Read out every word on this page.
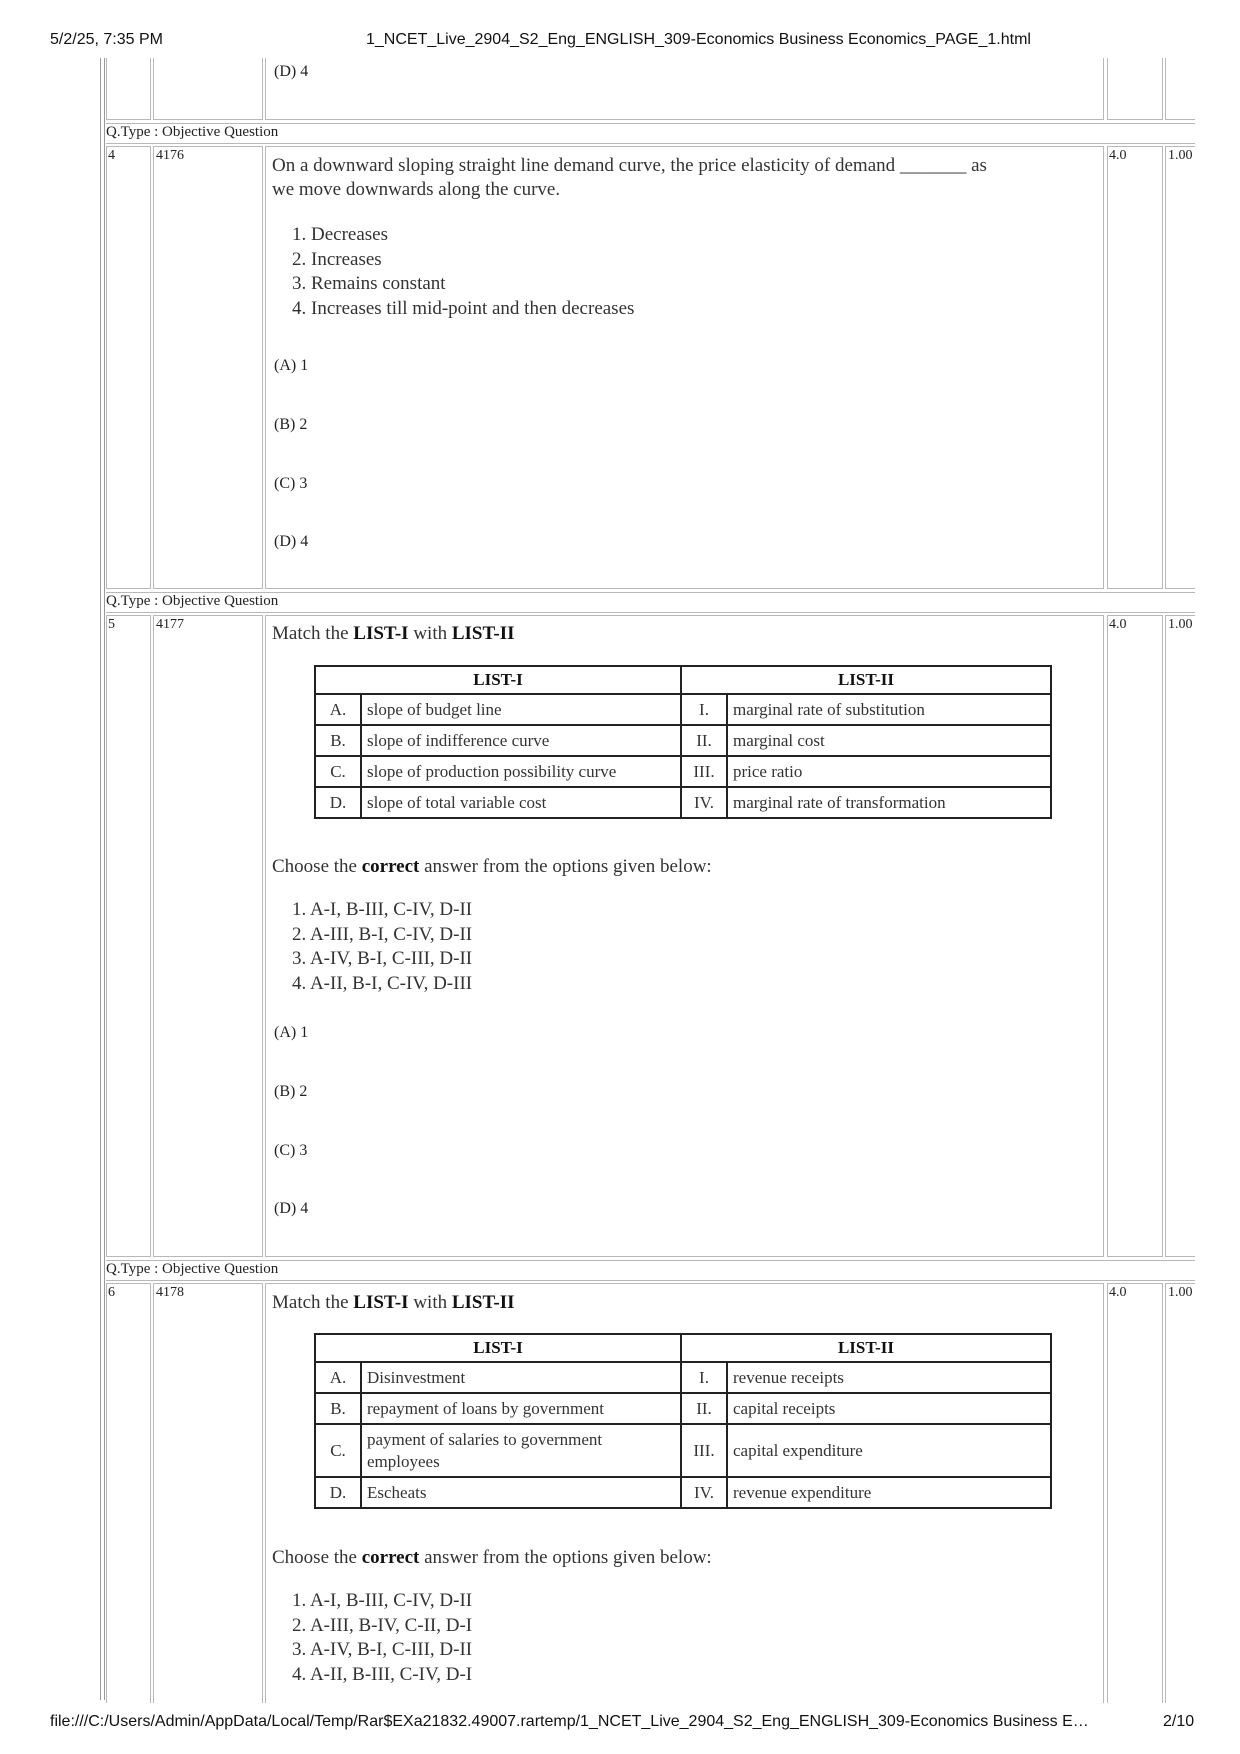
5/2/25, 7:35 PM	1_NCET_Live_2904_S2_Eng_ENGLISH_309-Economics Business Economics_PAGE_1.html
file:///C:/Users/Admin/AppData/Local/Temp/Rar$EXa21832.49007.rartemp/1_NCET_Live_2904_S2_Eng_ENGLISH_309-Economics Business E…	2/10
(D) 4
Q.Type : Objective Question
4	4176	4.0	1.00
On a downward sloping straight line demand curve, the price elasticity of demand _______ as
we move downwards along the curve.
1. Decreases
2. Increases
3. Remains constant
4. Increases till mid-point and then decreases
(A) 1
(B) 2
(C) 3
(D) 4
Q.Type : Objective Question
5	4177	4.0	1.00
Match the LIST-I with LIST-II
LIST-I		LIST-II	
A.	slope of budget line	I.	marginal rate of substitution
B.	slope of indifference curve	II.	marginal cost
C.	slope of production possibility curve	III.	price ratio
D.	slope of total variable cost	IV.	marginal rate of transformation
Choose the correct answer from the options given below:
1. A-I, B-III, C-IV, D-II
2. A-III, B-I, C-IV, D-II
3. A-IV, B-I, C-III, D-II
4. A-II, B-I, C-IV, D-III
(A) 1
(B) 2
(C) 3
(D) 4
Q.Type : Objective Question
6	4178	4.0	1.00
Match the LIST-I with LIST-II
LIST-I		LIST-II	
A.	Disinvestment	I.	revenue receipts
B.	repayment of loans by government	II.	capital receipts
C.	payment of salaries to government employees	III.	capital expenditure
D.	Escheats	IV.	revenue expenditure
Choose the correct answer from the options given below:
1. A-I, B-III, C-IV, D-II
2. A-III, B-IV, C-II, D-I
3. A-IV, B-I, C-III, D-II
4. A-II, B-III, C-IV, D-I
